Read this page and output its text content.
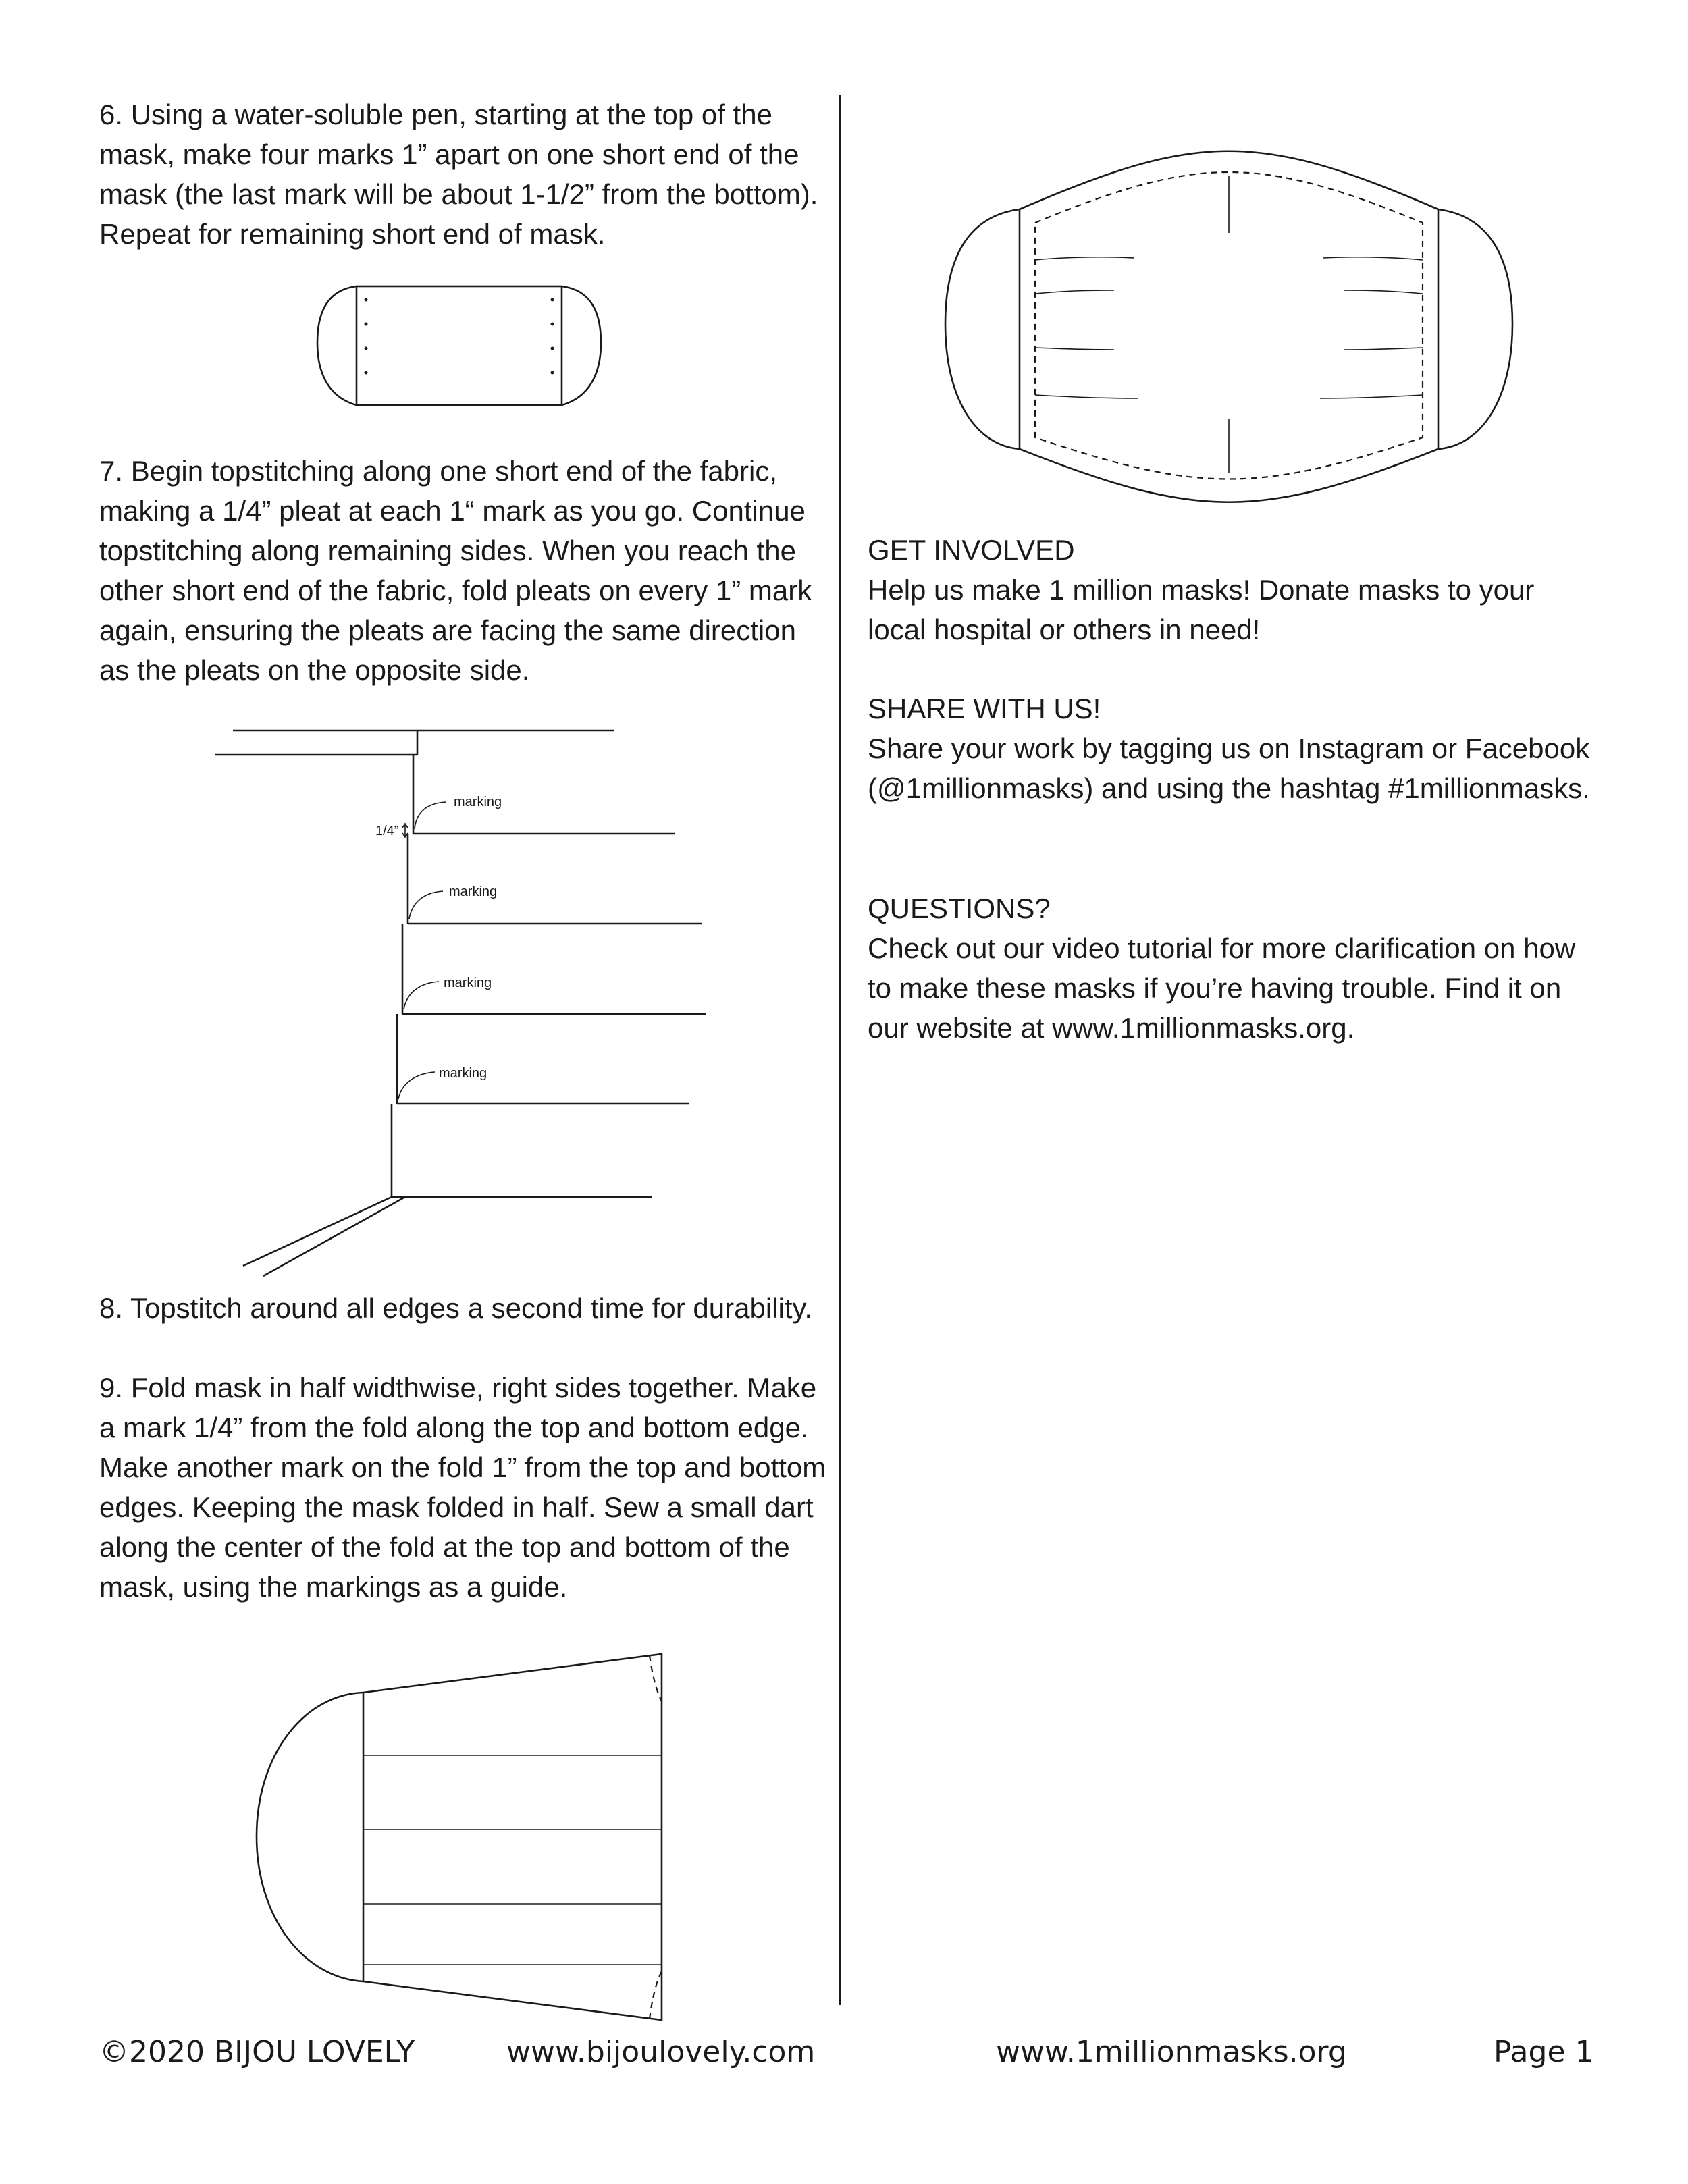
6. Using a water-soluble pen, starting at the top of the mask, make four marks 1” apart on one short end of the mask (the last mark will be about 1-1/2” from the bottom). Repeat for remaining short end of mask.

7. Begin topstitching along one short end of the fabric, making a 1/4” pleat at each 1“ mark as you go. Continue topstitching along remaining sides. When you reach the other short end of the fabric, fold pleats on every 1” mark again, ensuring the pleats are facing the same direction as the pleats on the opposite side.

1/4”
marking
marking
marking
marking

8. Topstitch around all edges a second time for durability.

9. Fold mask in half widthwise, right sides together. Make a mark 1/4” from the fold along the top and bottom edge. Make another mark on the fold 1” from the top and bottom edges. Keeping the mask folded in half. Sew a small dart along the center of the fold at the top and bottom of the mask, using the markings as a guide.

GET INVOLVED

Help us make 1 million masks! Donate masks to your local hospital or others in need!

SHARE WITH US!

Share your work by tagging us on Instagram or Facebook (@1millionmasks) and using the hashtag #1millionmasks.

QUESTIONS?

Check out our video tutorial for more clarification on how to make these masks if you’re having trouble. Find it on our website at www.1millionmasks.org.

©2020 BIJOU LOVELY	www.bijoulovely.com	www.1millionmasks.org	Page 1
